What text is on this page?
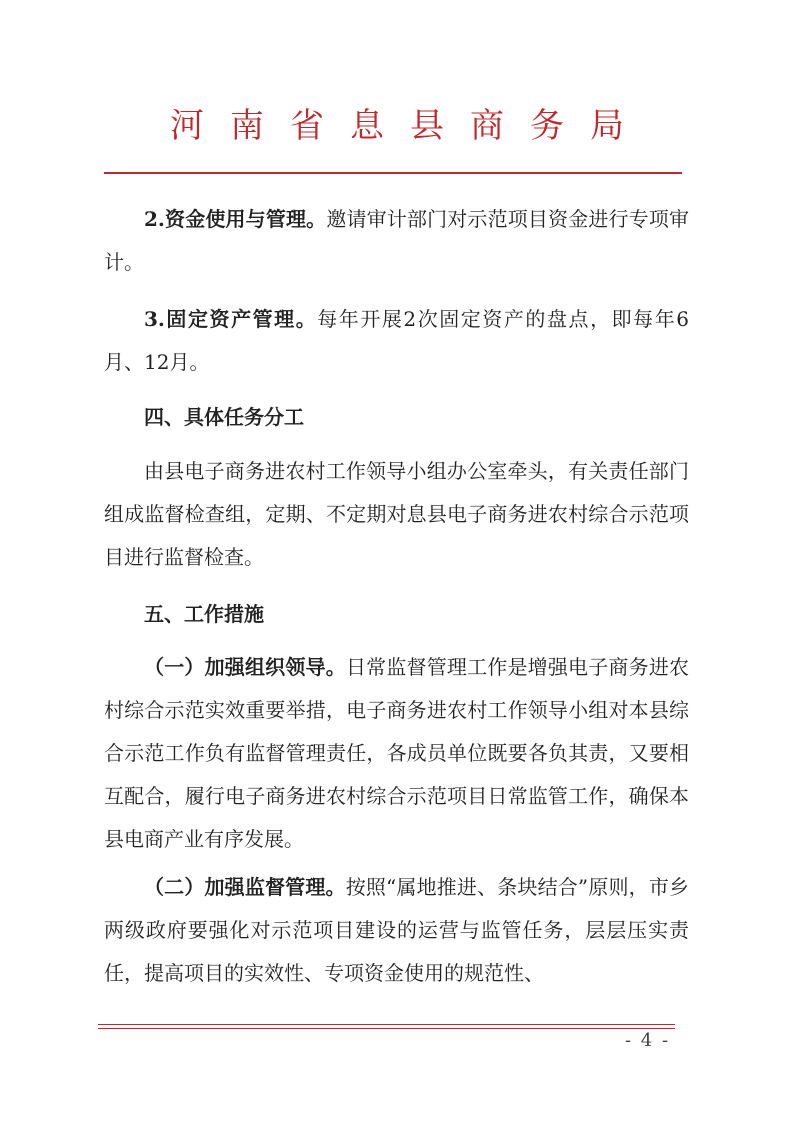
河南省息县商务局

2.资金使用与管理。邀请审计部门对示范项目资金进行专项审计。

3.固定资产管理。每年开展2次固定资产的盘点，即每年6月、12月。

四、具体任务分工

由县电子商务进农村工作领导小组办公室牵头，有关责任部门组成监督检查组，定期、不定期对息县电子商务进农村综合示范项目进行监督检查。

五、工作措施

（一）加强组织领导。日常监督管理工作是增强电子商务进农村综合示范实效重要举措，电子商务进农村工作领导小组对本县综合示范工作负有监督管理责任，各成员单位既要各负其责，又要相互配合，履行电子商务进农村综合示范项目日常监管工作，确保本县电商产业有序发展。

（二）加强监督管理。按照“属地推进、条块结合”原则，市乡两级政府要强化对示范项目建设的运营与监管任务，层层压实责任，提高项目的实效性、专项资金使用的规范性、

- 4 -
